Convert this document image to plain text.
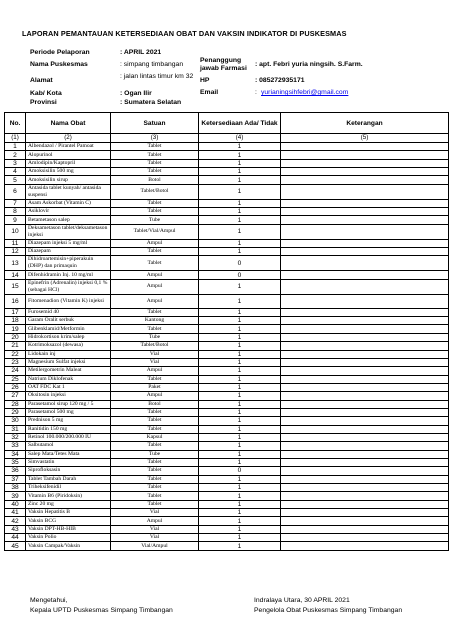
LAPORAN PEMANTAUAN KETERSEDIAAN OBAT DAN VAKSIN INDIKATOR DI PUSKESMAS
Periode Pelaporan	: APRIL 2021
Nama Puskesmas	: simpang timbangan
Penanggung jawab Farmasi	: apt. Febri yuria ningsih. S.Farm.
Alamat
: jalan lintas timur km 32
HP	: 085272935171
Kab/ Kota	: Ogan Ilir	Email	: yurianingsihfebri@gmail.com
Provinsi	: Sumatera Selatan
No.	Nama Obat	Satuan	Ketersediaan Ada/ Tidak	Keterangan
(1)	(2)	(3)	(4)	(5)
1	Albendazol / Pirantel Pamoat	Tablet	1	
2	Alopurinol	Tablet	1	
3	Amlodipin/Kaptopril	Tablet	1	
4	Amoksisilin 500 mg	Tablet	1	
5	Amoksisilin sirup	Botol	1	
6	Antasida tablet kunyah/ antasida suspensi	Tablet/Botol	1	
7	Asam Askorbat (Vitamin C)	Tablet	1	
8	Asiklovir	Tablet	1	
9	Betametason salep	Tube	1	
10	Deksametason tablet/deksametason injeksi	Tablet/Vial/Ampul	1	
11	Diazepam injeksi 5 mg/ml	Ampul	1	
12	Diazepam	Tablet	1	
13	Dihidroartemisin+piperakuin (DHP) dan primaquin	Tablet	0	
14	Difenhidramin Inj. 10 mg/ml	Ampul	0	
15	Epinefrin (Adrenalin) injeksi 0,1 % (sebagai HCl)	Ampul	1	
16	Fitomenadion (Vitamin K) injeksi	Ampul	1	
17	Furosemid 40	Tablet	1	
18	Garam Oralit serbuk	Kantong	1	
19	Glibenklamid/Metformin	Tablet	1	
20	Hidrokortison krim/salep	Tube	1	
21	Kotrimoksazol (dewasa)	Tablet/Botol	1	
22	Lidokain inj	Vial	1	
23	Magnesium Sulfat injeksi	Vial	1	
24	Metilergometrin Maleat	Ampul	1	
25	Natrium Diklofenak	Tablet	1	
26	OAT FDC Kat 1	Paket	1	
27	Oksitosin injeksi	Ampul	1	
28	Parasetamol sirup 120 mg / 5	Botol	1	
29	Parasetamol 500 mg	Tablet	1	
30	Prednison 5 mg	Tablet	1	
31	Ranitidin 150 mg	Tablet	1	
32	Retinol 100.000/200.000 IU	Kapsul	1	
33	Salbutamol	Tablet	1	
34	Salep Mata/Tetes Mata	Tube	1	
35	Simvastatin	Tablet	1	
36	Siprofloksasin	Tablet	0	
37	Tablet Tambah Darah	Tablet	1	
38	Triheksifenidil	Tablet	1	
39	Vitamin B6 (Piridoksin)	Tablet	1	
40	Zinc 20 mg	Tablet	1	
41	Vaksin Hepatitis B	Vial	1	
42	Vaksin BCG	Ampul	1	
43	Vaksin DPT-HB-HIB	Vial	1	
44	Vaksin Polio	Vial	1	
45	Vaksin Campak/Vaksin	Vial/Ampul	1	
Mengetahui,
Kepala UPTD Puskesmas Simpang Timbangan
Indralaya Utara, 30 APRIL 2021
Pengelola Obat Puskesmas Simpang Timbangan
